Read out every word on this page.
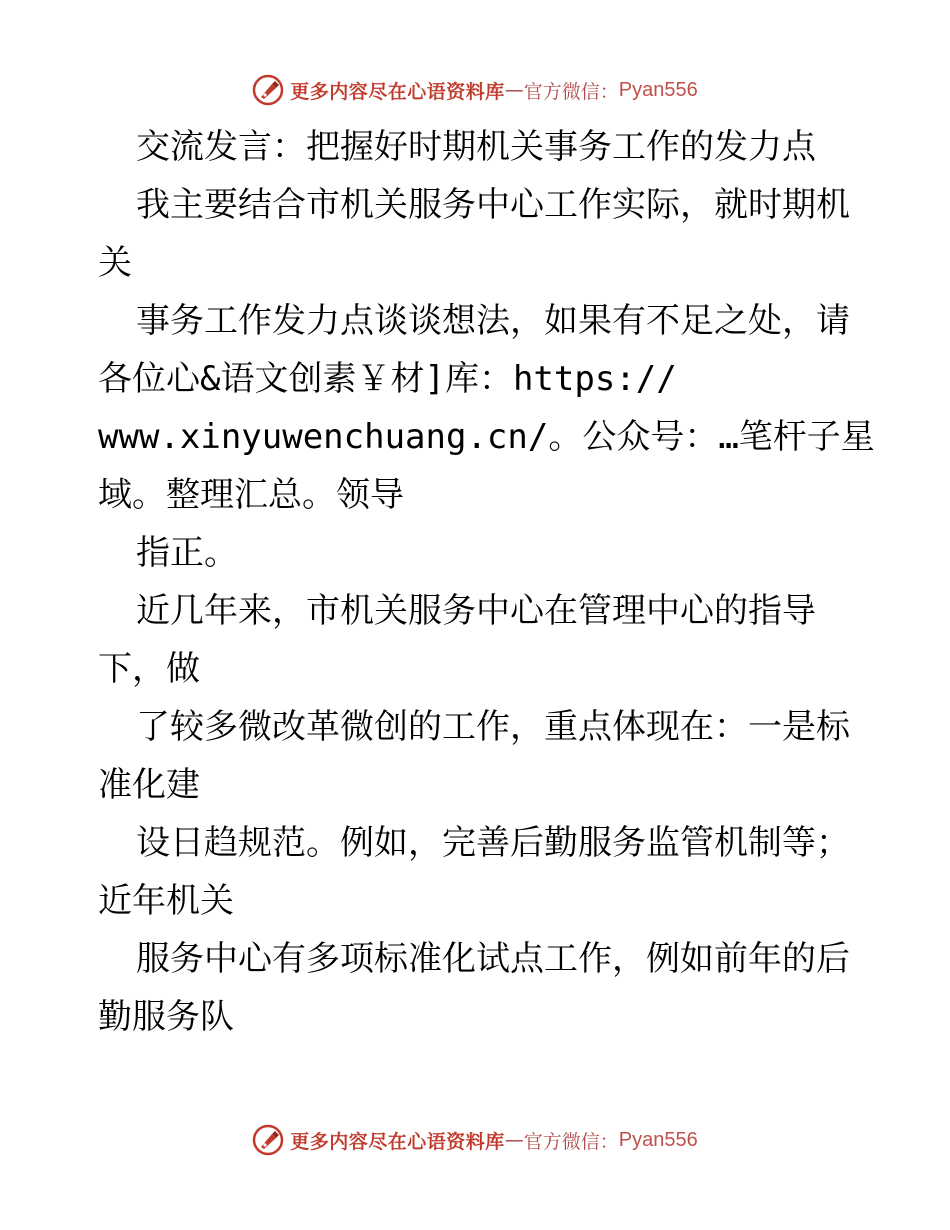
更多内容尽在心语资料库 — 官方微信： Pyan556
交流发言：把握好时期机关事务工作的发力点
我主要结合市机关服务中心工作实际，就时期机
关
事务工作发力点谈谈想法，如果有不足之处，请
各位心&语文创素￥材]库：https://
www.xinyuwenchuang.cn/。公众号：…笔杆子星
域。整理汇总。领导
指正。
近几年来，市机关服务中心在管理中心的指导
下，做
了较多微改革微创的工作，重点体现在：一是标
准化建
设日趋规范。例如，完善后勤服务监管机制等；
近年机关
服务中心有多项标准化试点工作，例如前年的后
勤服务队
更多内容尽在心语资料库 — 官方微信： Pyan556
